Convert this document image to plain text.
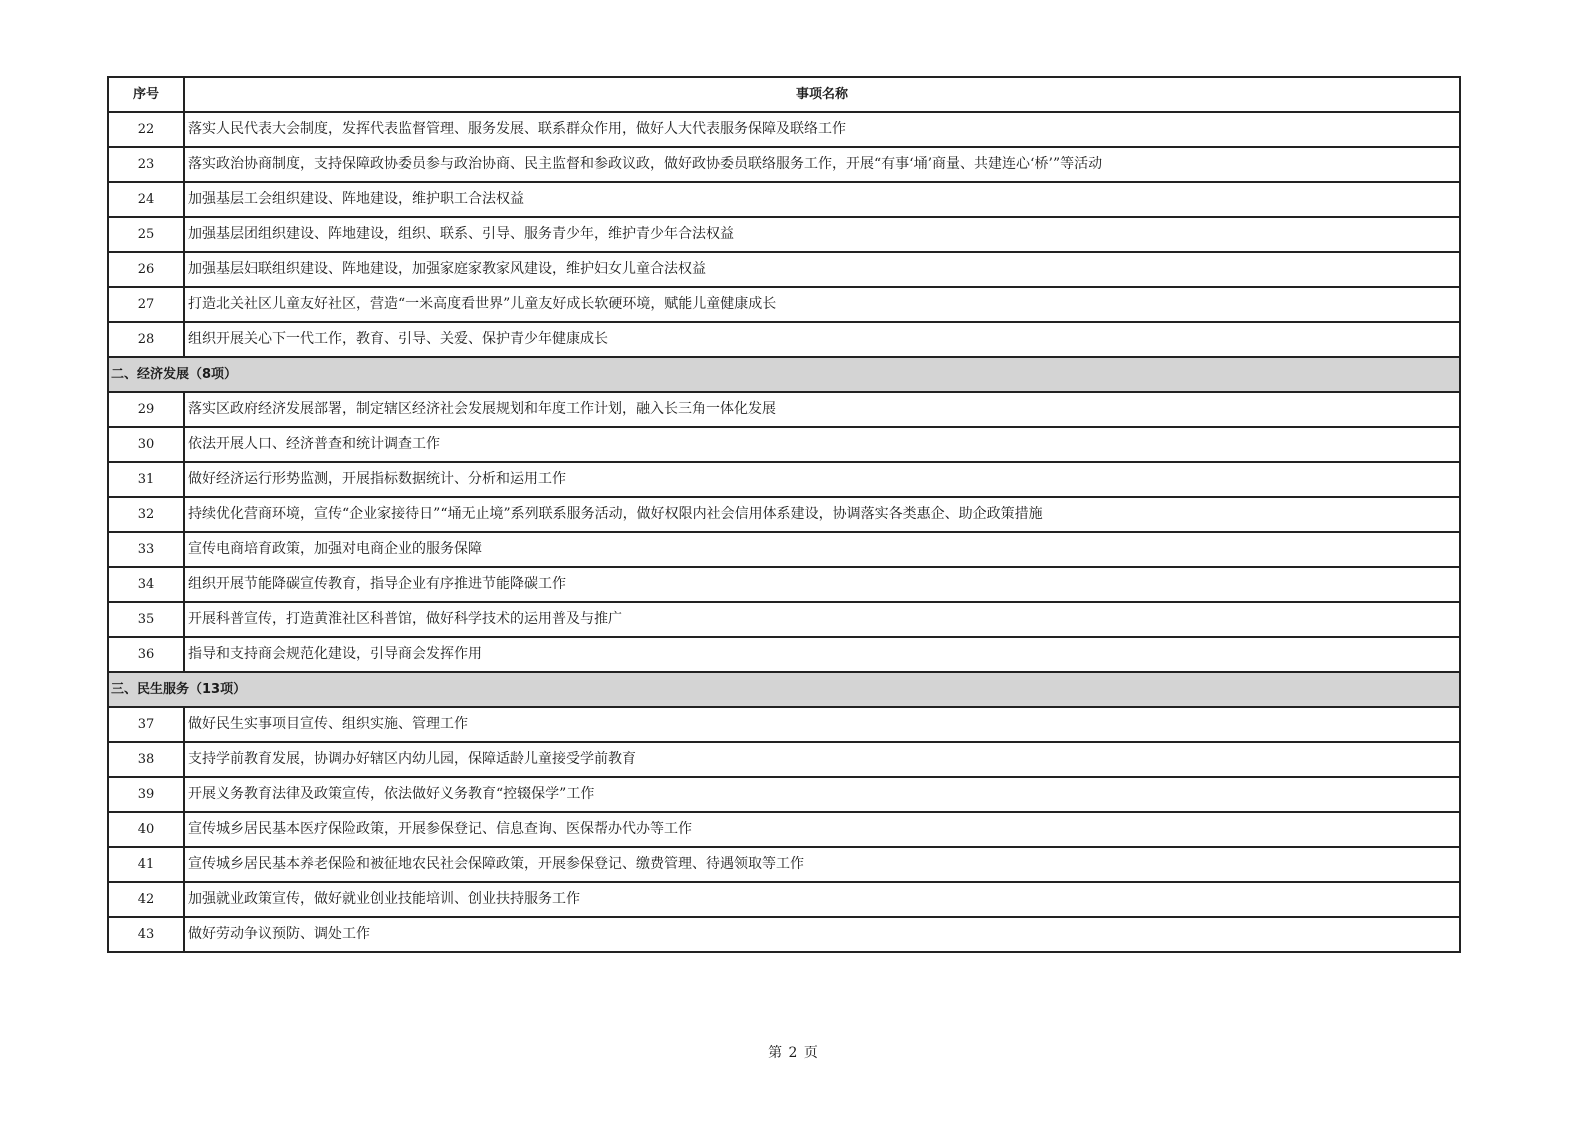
序号	事项名称
22	落实人民代表大会制度，发挥代表监督管理、服务发展、联系群众作用，做好人大代表服务保障及联络工作
23	落实政治协商制度，支持保障政协委员参与政治协商、民主监督和参政议政，做好政协委员联络服务工作，开展“有事‘埇’商量、共建连心‘桥’”等活动
24	加强基层工会组织建设、阵地建设，维护职工合法权益
25	加强基层团组织建设、阵地建设，组织、联系、引导、服务青少年，维护青少年合法权益
26	加强基层妇联组织建设、阵地建设，加强家庭家教家风建设，维护妇女儿童合法权益
27	打造北关社区儿童友好社区，营造“一米高度看世界”儿童友好成长软硬环境，赋能儿童健康成长
28	组织开展关心下一代工作，教育、引导、关爱、保护青少年健康成长
二、经济发展（8项）	
29	落实区政府经济发展部署，制定辖区经济社会发展规划和年度工作计划，融入长三角一体化发展
30	依法开展人口、经济普查和统计调查工作
31	做好经济运行形势监测，开展指标数据统计、分析和运用工作
32	持续优化营商环境，宣传“企业家接待日”“埇无止境”系列联系服务活动，做好权限内社会信用体系建设，协调落实各类惠企、助企政策措施
33	宣传电商培育政策，加强对电商企业的服务保障
34	组织开展节能降碳宣传教育，指导企业有序推进节能降碳工作
35	开展科普宣传，打造黄淮社区科普馆，做好科学技术的运用普及与推广
36	指导和支持商会规范化建设，引导商会发挥作用
三、民生服务（13项）	
37	做好民生实事项目宣传、组织实施、管理工作
38	支持学前教育发展，协调办好辖区内幼儿园，保障适龄儿童接受学前教育
39	开展义务教育法律及政策宣传，依法做好义务教育“控辍保学”工作
40	宣传城乡居民基本医疗保险政策，开展参保登记、信息查询、医保帮办代办等工作
41	宣传城乡居民基本养老保险和被征地农民社会保障政策，开展参保登记、缴费管理、待遇领取等工作
42	加强就业政策宣传，做好就业创业技能培训、创业扶持服务工作
43	做好劳动争议预防、调处工作
第 2 页
